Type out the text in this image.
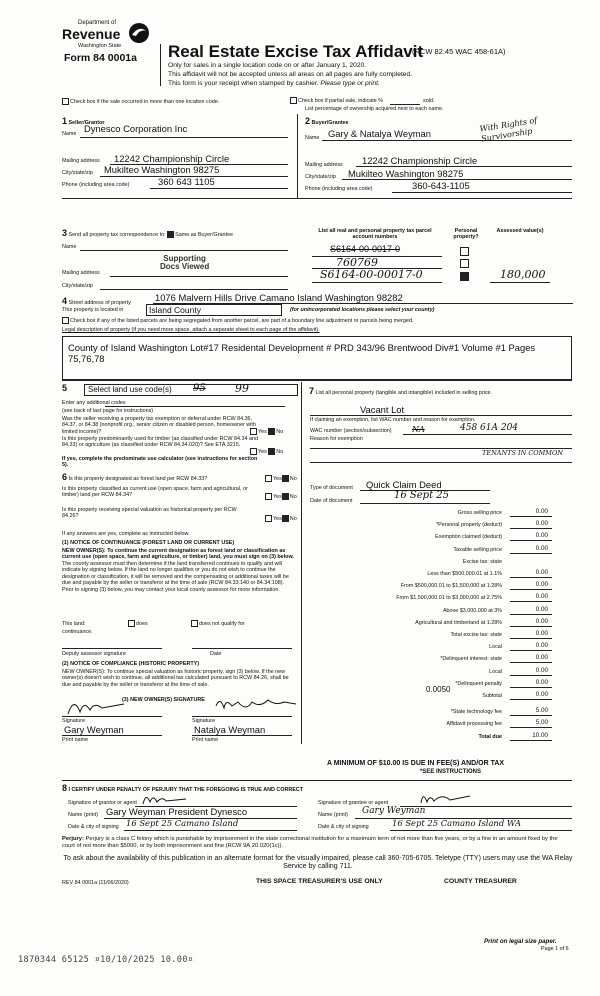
Department of
Revenue
Washington State
Form 84 0001a Real Estate Excise Tax Affidavit
(RCW 82.45 WAC 458-61A)
Only for sales in a single location code on or after January 1, 2020.
This affidavit will not be accepted unless all areas on all pages are fully completed.
This form is your receipt when stamped by cashier. Please type or print.
Check box if the sale occurred in more than one location code.	Check box if partial sale, indicate %	sold.
List percentage of ownership acquired next to each name.
1 Seller/Grantor
Name Dynesco Corporation Inc
Mailing address 12242 Championship Circle
City/state/zip Mukilteo Washington 98275
Phone (including area code)	360 643 1105
2 Buyer/Grantee
Name Gary & Natalya Weyman	With Rights of Survivorship
Mailing address 12242 Championship Circle
City/state/zip Mukilteo Washington 98275
Phone (including area code)	360-643-1105
3 Send all property tax correspondence to: Same as Buyer/Grantee
Name
Supporting
Docs Viewed
Mailing address
City/state/zip
List all real and personal property tax parcel account numbers
Personal property?
Assessed value(s)
S6164-00-0017-0
760769
S6164-00-00017-0	180,000
4 Street address of property	1076 Malvern Hills Drive Camano Island Washington 98282
This property is located in	Island County	(for unincorporated locations please select your county)
Check box if any of the listed parcels are being segregated from another parcel, are part of a boundary line adjustment or parcels being merged.
Legal description of property (if you need more space, attach a separate sheet to each page of the affidavit).
County of Island Washington Lot#17 Residental Development # PRD 343/96 Brentwood Div#1 Volume #1 Pages 75,76,78
5	Select land use code(s) 95	99
Enter any additional codes
(see back of last page for instructions)
Was the seller receiving a property tax exemption or deferral under RCW 84.36, 84.37, or 84.38 (nonprofit org., senior citizen or disabled person, homeowner with limited income)?	Yes No
Is this property predominantly used for timber (as classified under RCW 84.34 and 84.33) or agriculture (as classified under RCW 84.34.020)? See ETA 3215.
Yes No
If yes, complete the predominate use calculator (see instructions for section 5).
6 Is this property designated as forest land per RCW 84.33?	Yes No
Is this property classified as current use (open space, farm and agricultural, or timber) land per RCW 84.34?	Yes No
Is this property receiving special valuation as historical property per RCW 84.26?	Yes No
If any answers are yes, complete as instructed below.
(1) NOTICE OF CONTINUANCE (FOREST LAND OR CURRENT USE)
NEW OWNER(S): To continue the current designation as forest land or classification as current use (open space, farm and agriculture, or timber) land, you must sign on (3) below. The county assessor must then determine if the land transferred continues to qualify and will indicate by signing below. If the land no longer qualifies or you do not wish to continue the designation or classification, it will be removed and the compensating or additional taxes will be due and payable by the seller or transferor at the time of sale (RCW 84.33.140 or 84.34.108). Prior to signing (3) below, you may contact your local county assessor for more information.
This land:	does	does not qualify for
continuance.
Deputy assessor signature	Date
(2) NOTICE OF COMPLIANCE (HISTORIC PROPERTY)
NEW OWNER(S): To continue special valuation as historic property, sign (3) below. If the new owner(s) doesn't wish to continue, all additional tax calculated pursuant to RCW 84.26, shall be due and payable by the seller or transferor at the time of sale.
(3) NEW OWNER(S) SIGNATURE
Signature	Signature
Gary Weyman	Natalya Weyman
Print name	Print name
7 List all personal property (tangible and intangible) included in selling price.
Vacant Lot
If claiming an exemption, list WAC number and reason for exemption.
WAC number (section/subsection)	NA	458 61A 204
Reason for exemption
TENANTS IN COMMON
Type of document Quick Claim Deed
Date of document	16 Sept 25
Gross selling price	0.00
*Personal property (deduct)	0.00
Exemption claimed (deduct)	0.00
Taxable selling price	0.00
Excise tax: state
Less than $500,000.01 at 1.1%	0.00
From $500,000.01 to $1,500,000 at 1.28%	0.00
From $1,500,000.01 to $3,000,000 at 2.75%	0.00
Above $3,000,000 at 3%	0.00
Agricultural and timberland at 1.28%	0.00
Total excise tax: state	0.00
Local	0.00
*Delinquent interest: state	0.00
Local	0.00
*Delinquent penalty	0.00
Subtotal	0.00
*State technology fee	5.00
Affidavit processing fee	5.00
Total due	10.00
0.0050
A MINIMUM OF $10.00 IS DUE IN FEE(S) AND/OR TAX
*SEE INSTRUCTIONS
8 I CERTIFY UNDER PENALTY OF PERJURY THAT THE FOREGOING IS TRUE AND CORRECT
Signature of grantor or agent
Name (print) Gary Weyman President Dynesco
Date & city of signing 16 Sept 25 Camano Island
Signature of grantee or agent
Name (print) Gary Weyman
Date & city of signing	16 Sept 25 Camano Island WA
Perjury: Perjury is a class C felony which is punishable by imprisonment in the state correctional institution for a maximum term of not more than five years, or by a fine in an amount fixed by the court of not more than $5000, or by both imprisonment and fine (RCW 9A.20.020(1c)).
To ask about the availability of this publication in an alternate format for the visually impaired, please call 360-705-6705. Teletype (TTY) users may use the WA Relay Service by calling 711.
REV 84 0001a (11/06/2020)	THIS SPACE TREASURER'S USE ONLY	COUNTY TREASURER
Print on legal size paper.
Page 1 of 6
1870344 65125 ¤10/10/2025 10.00¤
